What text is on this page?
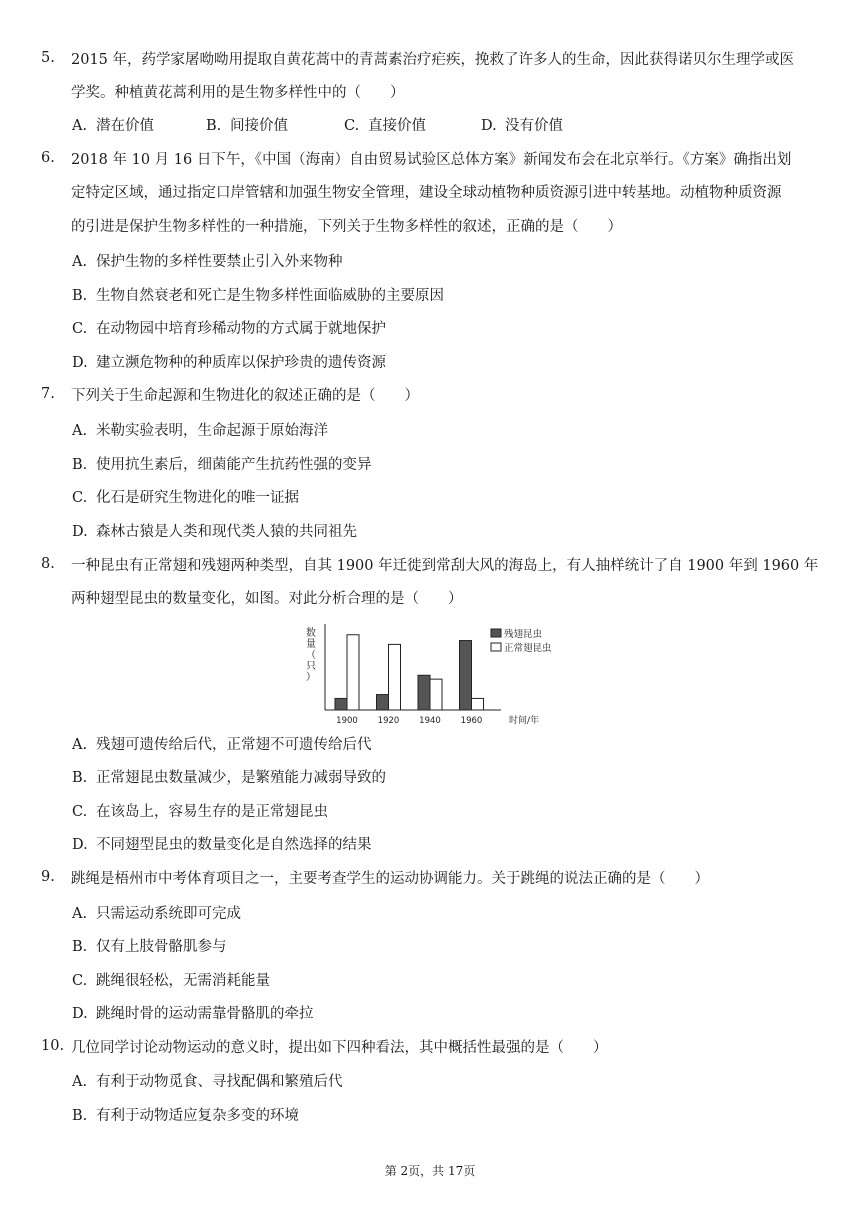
5. 2015 年，药学家屠呦呦用提取自黄花蒿中的青蒿素治疗疟疾，挽救了许多人的生命，因此获得诺贝尔生理学或医
学奖。种植黄花蒿利用的是生物多样性中的（　　）
A. 潜在价值	B. 间接价值	C. 直接价值	D. 没有价值
6. 2018 年 10 月 16 日下午，《中国（海南）自由贸易试验区总体方案》新闻发布会在北京举行。《方案》确指出划
定特定区域，通过指定口岸管辖和加强生物安全管理，建设全球动植物种质资源引进中转基地。动植物种质资源
的引进是保护生物多样性的一种措施，下列关于生物多样性的叙述，正确的是（　　）
A. 保护生物的多样性要禁止引入外来物种
B. 生物自然衰老和死亡是生物多样性面临威胁的主要原因
C. 在动物园中培育珍稀动物的方式属于就地保护
D. 建立濒危物种的种质库以保护珍贵的遗传资源
7. 下列关于生命起源和生物进化的叙述正确的是（　　）
A. 米勒实验表明，生命起源于原始海洋
B. 使用抗生素后，细菌能产生抗药性强的变异
C. 化石是研究生物进化的唯一证据
D. 森林古猿是人类和现代类人猿的共同祖先
8. 一种昆虫有正常翅和残翅两种类型，自其 1900 年迁徙到常刮大风的海岛上，有人抽样统计了自 1900 年到 1960 年
两种翅型昆虫的数量变化，如图。对此分析合理的是（　　）
数量（只）
1900 1920 1940 1960	时间/年
残翅昆虫
正常翅昆虫
A. 残翅可遗传给后代，正常翅不可遗传给后代
B. 正常翅昆虫数量减少，是繁殖能力减弱导致的
C. 在该岛上，容易生存的是正常翅昆虫
D. 不同翅型昆虫的数量变化是自然选择的结果
9. 跳绳是梧州市中考体育项目之一，主要考查学生的运动协调能力。关于跳绳的说法正确的是（　　）
A. 只需运动系统即可完成
B. 仅有上肢骨骼肌参与
C. 跳绳很轻松，无需消耗能量
D. 跳绳时骨的运动需靠骨骼肌的牵拉
10. 几位同学讨论动物运动的意义时，提出如下四种看法，其中概括性最强的是（　　）
A. 有利于动物觅食、寻找配偶和繁殖后代
B. 有利于动物适应复杂多变的环境
第 2页，共 17页
